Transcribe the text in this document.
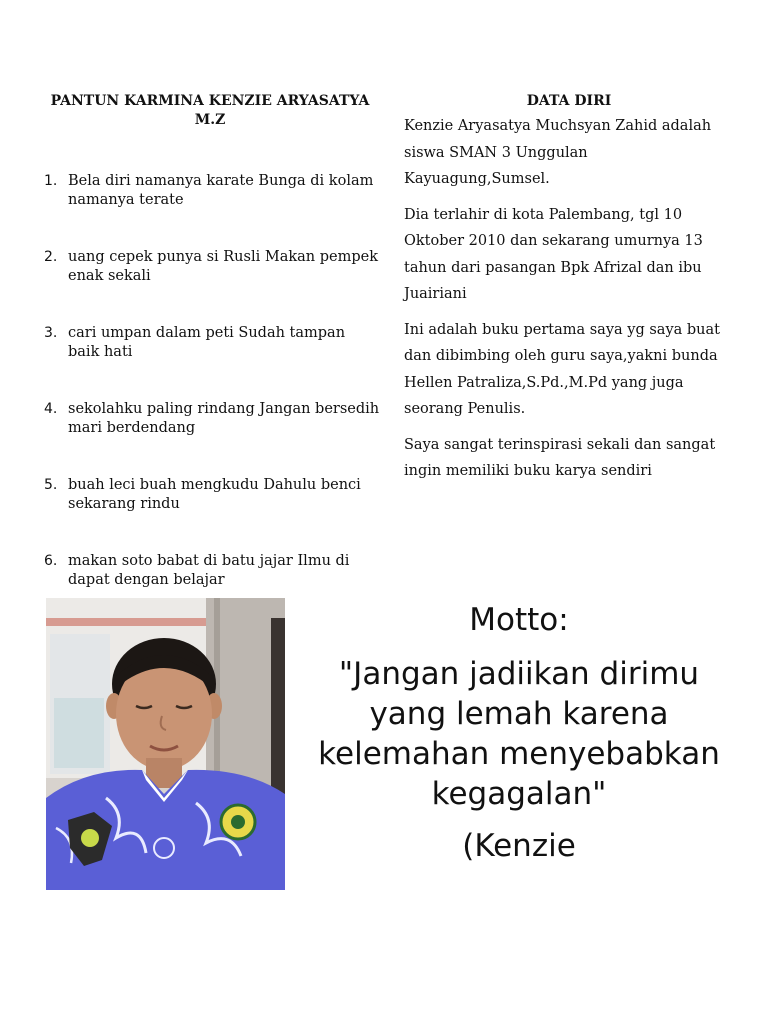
PANTUN KARMINA KENZIE ARYASATYA M.Z
1. Bela diri namanya karate Bunga di kolam namanya terate
2. uang cepek punya si Rusli Makan pempek enak sekali
3. cari umpan dalam peti Sudah tampan baik hati
4. sekolahku paling rindang Jangan bersedih mari berdendang
5. buah leci buah mengkudu Dahulu benci sekarang rindu
6. makan soto babat di batu jajar Ilmu di dapat dengan belajar
DATA DIRI

Kenzie Aryasatya Muchsyan Zahid adalah siswa SMAN 3 Unggulan Kayuagung,Sumsel.

Dia terlahir di kota Palembang, tgl 10 Oktober 2010 dan sekarang umurnya 13 tahun dari pasangan Bpk Afrizal dan ibu Juairiani

Ini adalah buku pertama saya yg saya buat dan dibimbing oleh guru saya,yakni bunda Hellen Patraliza,S.Pd.,M.Pd yang juga seorang Penulis.

Saya sangat terinspirasi sekali dan sangat ingin memiliki buku karya sendiri

Motto:
"Jangan jadiikan dirimu yang lemah karena kelemahan menyebabkan kegagalan"
(Kenzie
